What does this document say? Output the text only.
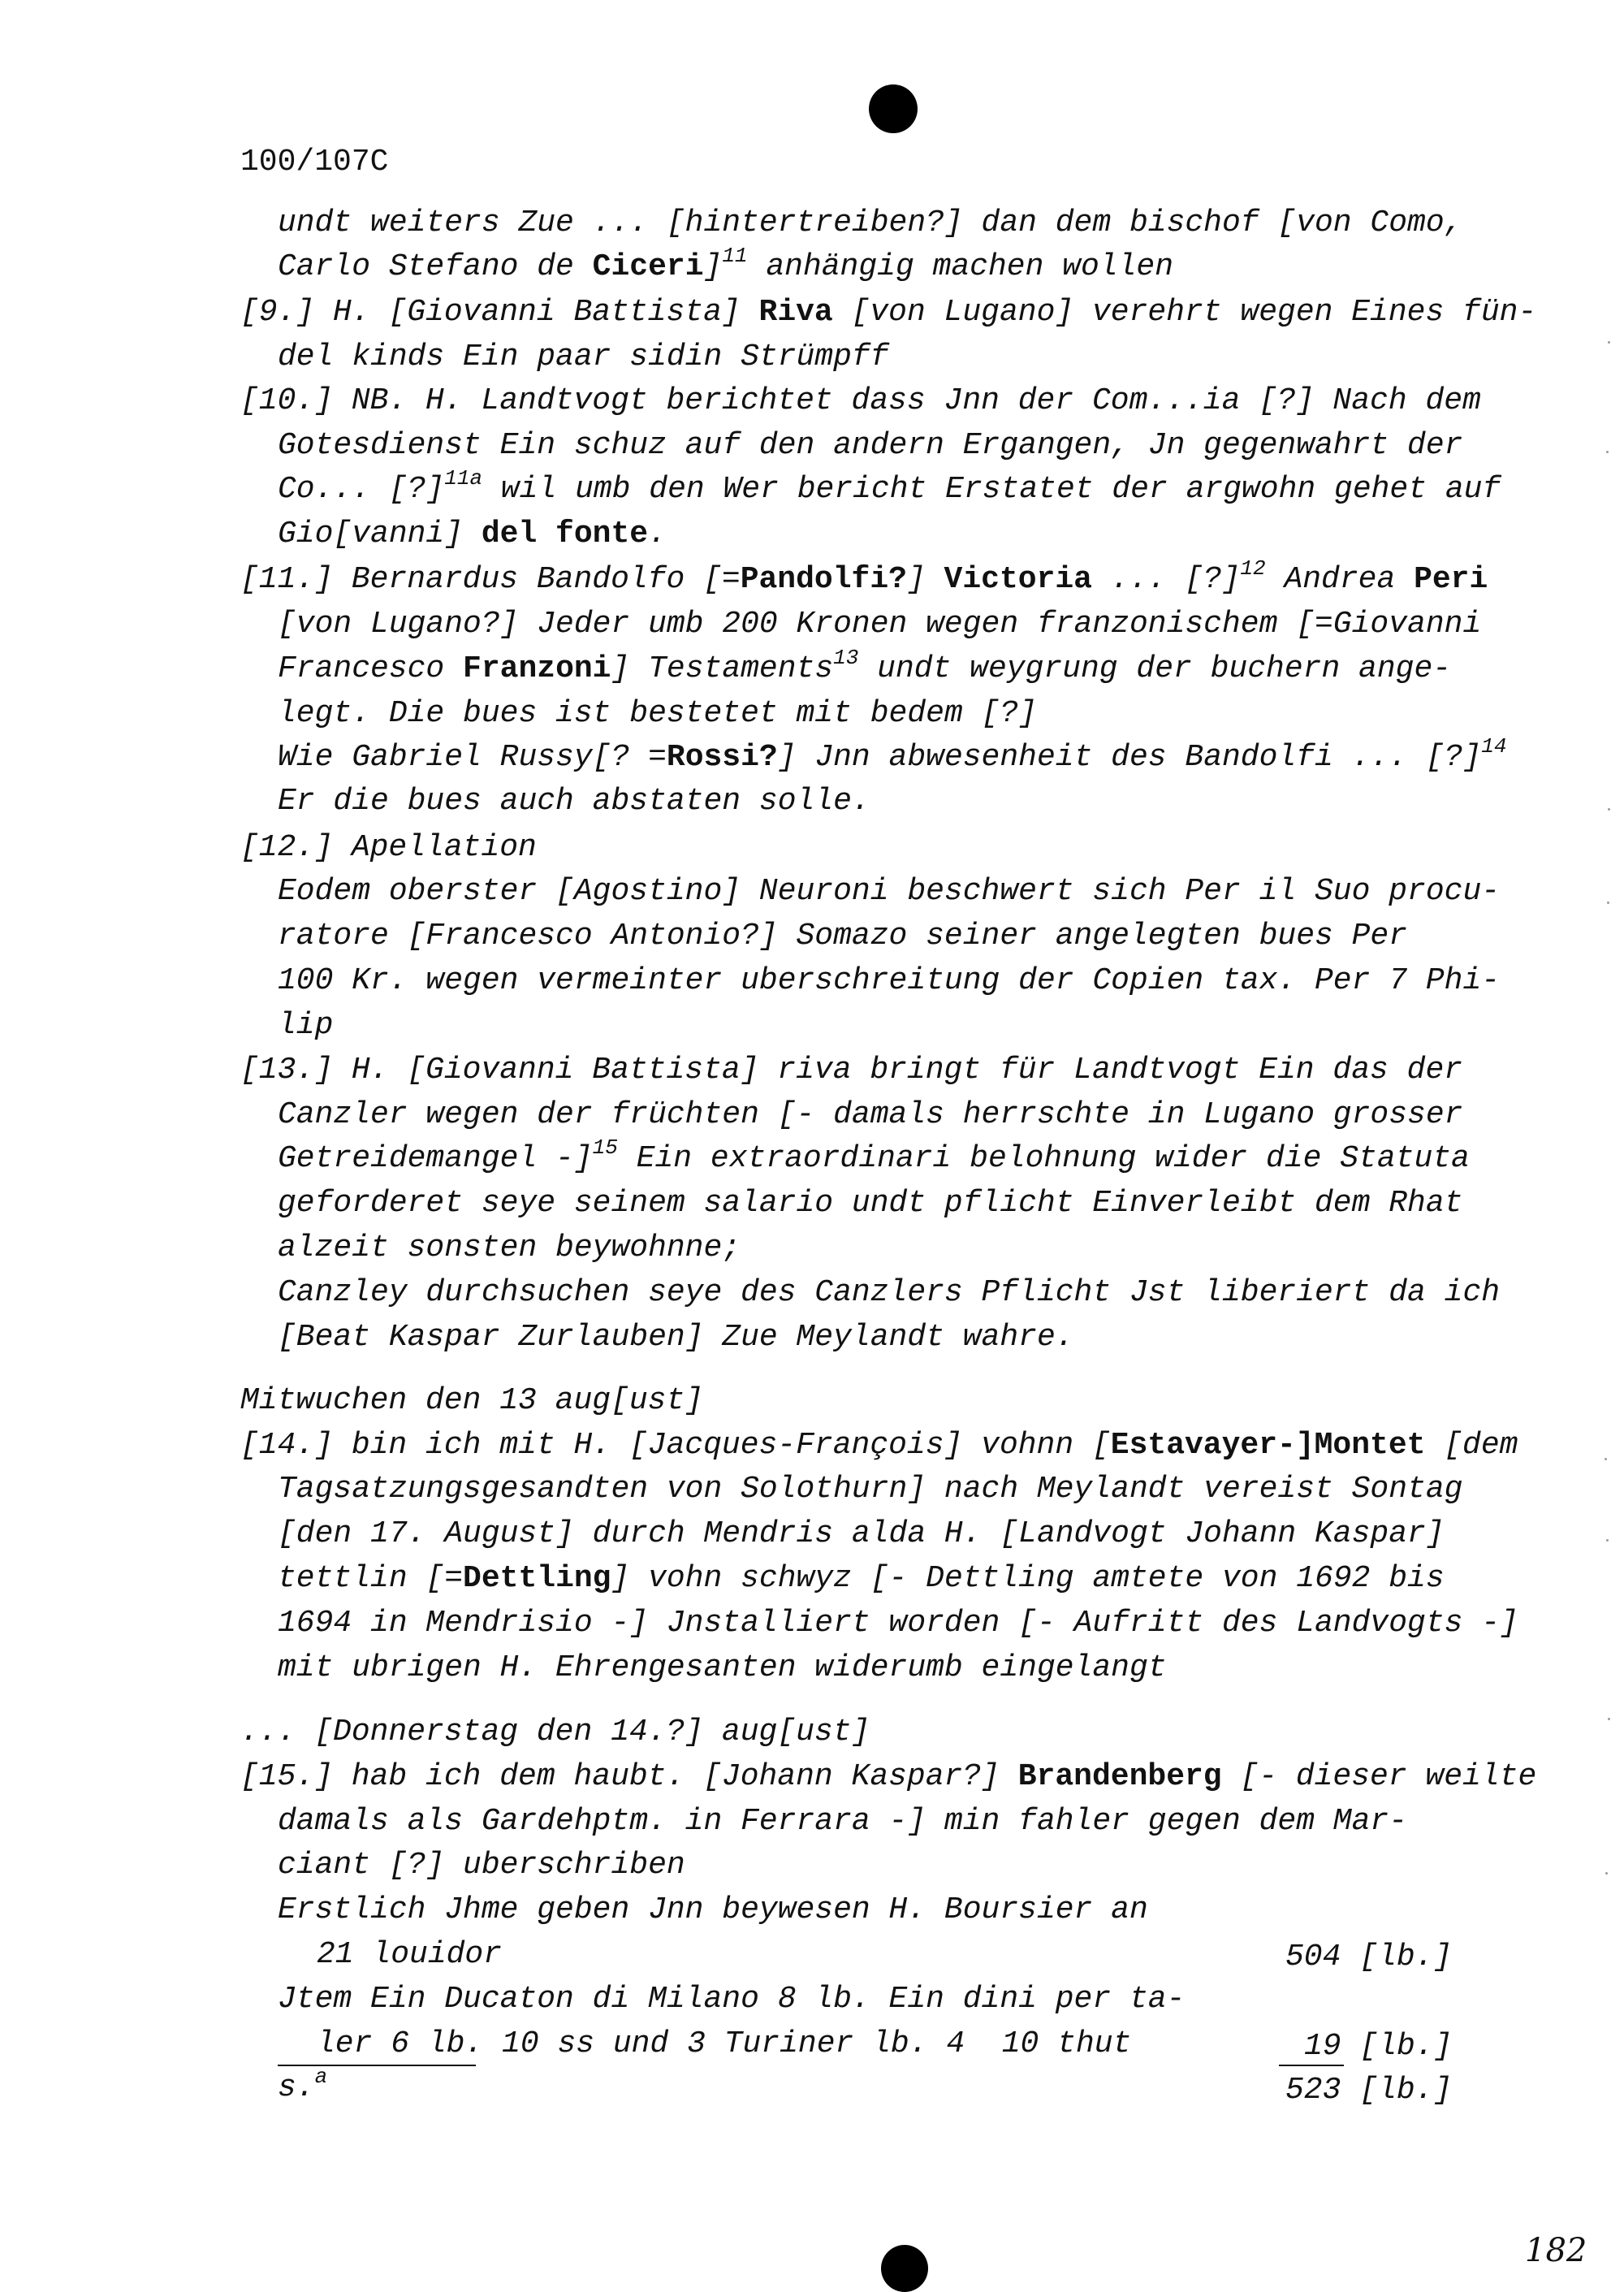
100/107C
undt weiters Zue ... [hintertreiben?] dan dem bischof [von Como,
Carlo Stefano de Ciceri]$^{11}$ anhängig machen wollen
[9.] H. [Giovanni Battista] Riva [von Lugano] verehrt wegen Eines fün-
del kinds Ein paar sidin Strümpff
[10.] NB. H. Landtvogt berichtet dass Jnn der Com...ia [?] Nach dem
Gotesdienst Ein schuz auf den andern Ergangen, Jn gegenwahrt der
Co... [?]$^{11a}$ wil umb den Wer bericht Erstatet der argwohn gehet auf
Gio[vanni] del fonte.
[11.] Bernardus Bandolfo [=Pandolfi?] Victoria ... [?]$^{12}$ Andrea Peri
[von Lugano?] Jeder umb 200 Kronen wegen franzonischem [=Giovanni
Francesco Franzoni] Testaments$^{13}$ undt weygrung der buchern ange-
legt. Die bues ist bestetet mit bedem [?]
Wie Gabriel Russy[? =Rossi?] Jnn abwesenheit des Bandolfi ... [?]$^{14}$
Er die bues auch abstaten solle.
[12.] Apellation
Eodem oberster [Agostino] Neuroni beschwert sich Per il Suo procu-
ratore [Francesco Antonio?] Somazo seiner angelegten bues Per
100 Kr. wegen vermeinter uberschreitung der Copien tax. Per 7 Phi-
lip
[13.] H. [Giovanni Battista] riva bringt für Landtvogt Ein das der
Canzler wegen der früchten [- damals herrschte in Lugano grosser
Getreidemangel -]$^{15}$ Ein extraordinari belohnung wider die Statuta
geforderet seye seinem salario undt pflicht Einverleibt dem Rhat
alzeit sonsten beywohnne;
Canzley durchsuchen seye des Canzlers Pflicht Jst liberiert da ich
[Beat Kaspar Zurlauben] Zue Meylandt wahre.
Mitwuchen den 13 aug[ust]
[14.] bin ich mit H. [Jacques-François] vohnn [Estavayer-]Montet [dem
Tagsatzungsgesandten von Solothurn] nach Meylandt vereist Sontag
[den 17. August] durch Mendris alda H. [Landvogt Johann Kaspar]
tettlin [=Dettling] vohn schwyz [- Dettling amtete von 1692 bis
1694 in Mendrisio -] Jnstalliert worden [- Aufritt des Landvogts -]
mit ubrigen H. Ehrengesanten widerumb eingelangt
... [Donnerstag den 14.?] aug[ust]
[15.] hab ich dem haubt. [Johann Kaspar?] Brandenberg [- dieser weilte
damals als Gardehptm. in Ferrara -] min fahler gegen dem Mar-
ciant [?] uberschriben
Erstlich Jhme geben Jnn beywesen H. Boursier an
21 louidor
Jtem Ein Ducaton di Milano 8 lb. Ein dini per ta-
ler 6 lb. 10 ss und 3 Turiner lb. 4  10 thut
s.$^a$
504 [lb.]
19 [lb.]
523 [lb.]
182
